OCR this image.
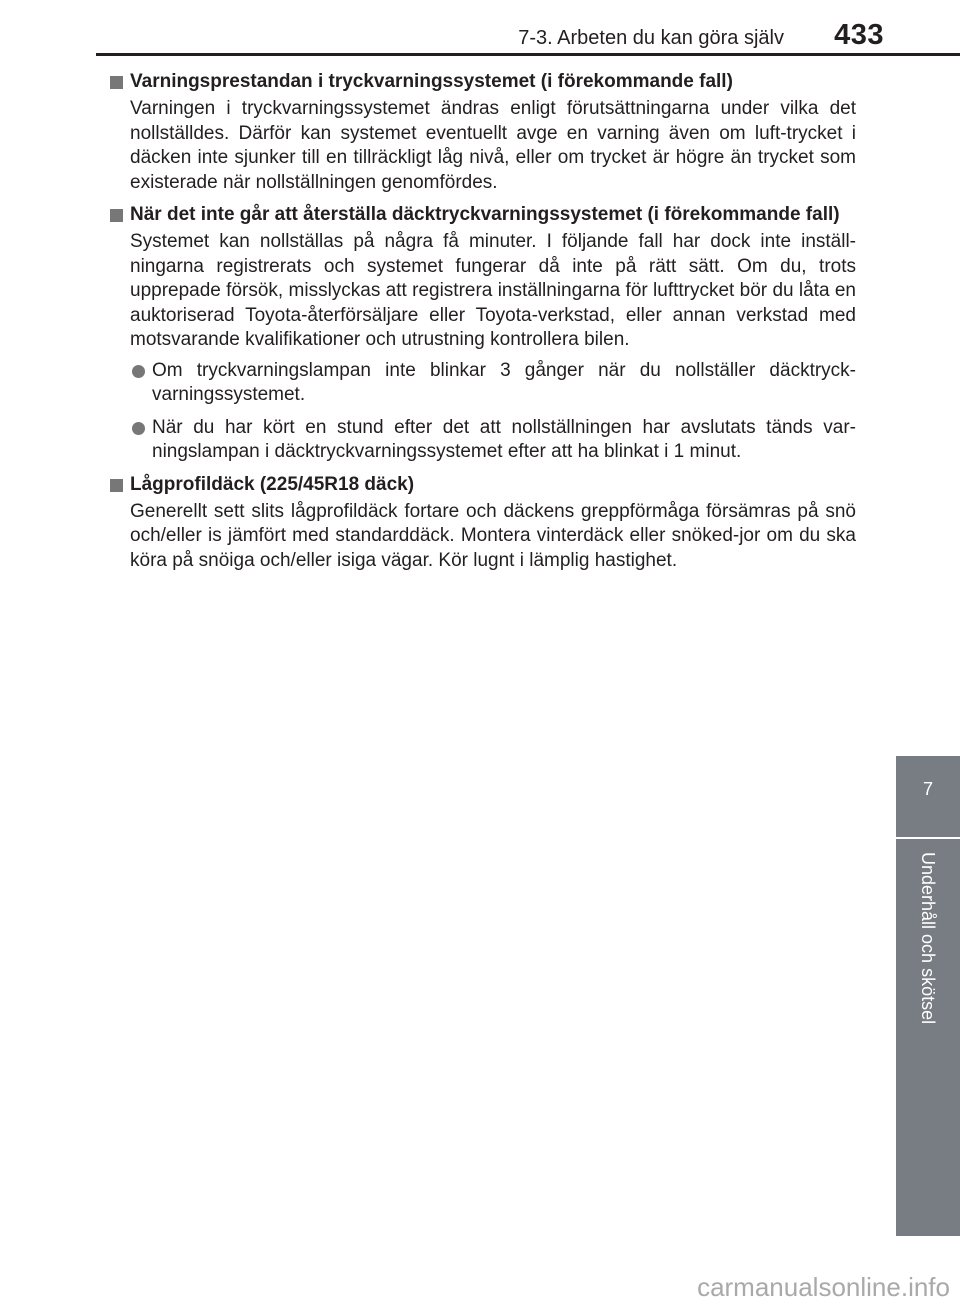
7-3. Arbeten du kan göra själv 433
Varningsprestandan i tryckvarningssystemet (i förekommande fall)

Varningen i tryckvarningssystemet ändras enligt förutsättningarna under vilka det nollställdes. Därför kan systemet eventuellt avge en varning även om luft-trycket i däcken inte sjunker till en tillräckligt låg nivå, eller om trycket är högre än trycket som existerade när nollställningen genomfördes.

När det inte går att återställa däcktryckvarningssystemet (i förekommande fall)

Systemet kan nollställas på några få minuter. I följande fall har dock inte inställ-ningarna registrerats och systemet fungerar då inte på rätt sätt. Om du, trots upprepade försök, misslyckas att registrera inställningarna för lufttrycket bör du låta en auktoriserad Toyota-återförsäljare eller Toyota-verkstad, eller annan verkstad med motsvarande kvalifikationer och utrustning kontrollera bilen.

Om tryckvarningslampan inte blinkar 3 gånger när du nollställer däcktryck-varningssystemet.
När du har kört en stund efter det att nollställningen har avslutats tänds var-ningslampan i däcktryckvarningssystemet efter att ha blinkat i 1 minut.
Lågprofildäck (225/45R18 däck)

Generellt sett slits lågprofildäck fortare och däckens greppförmåga försämras på snö och/eller is jämfört med standarddäck. Montera vinterdäck eller snöked-jor om du ska köra på snöiga och/eller isiga vägar. Kör lugnt i lämplig hastighet.

7
Underhåll och skötsel
carmanualsonline.info
